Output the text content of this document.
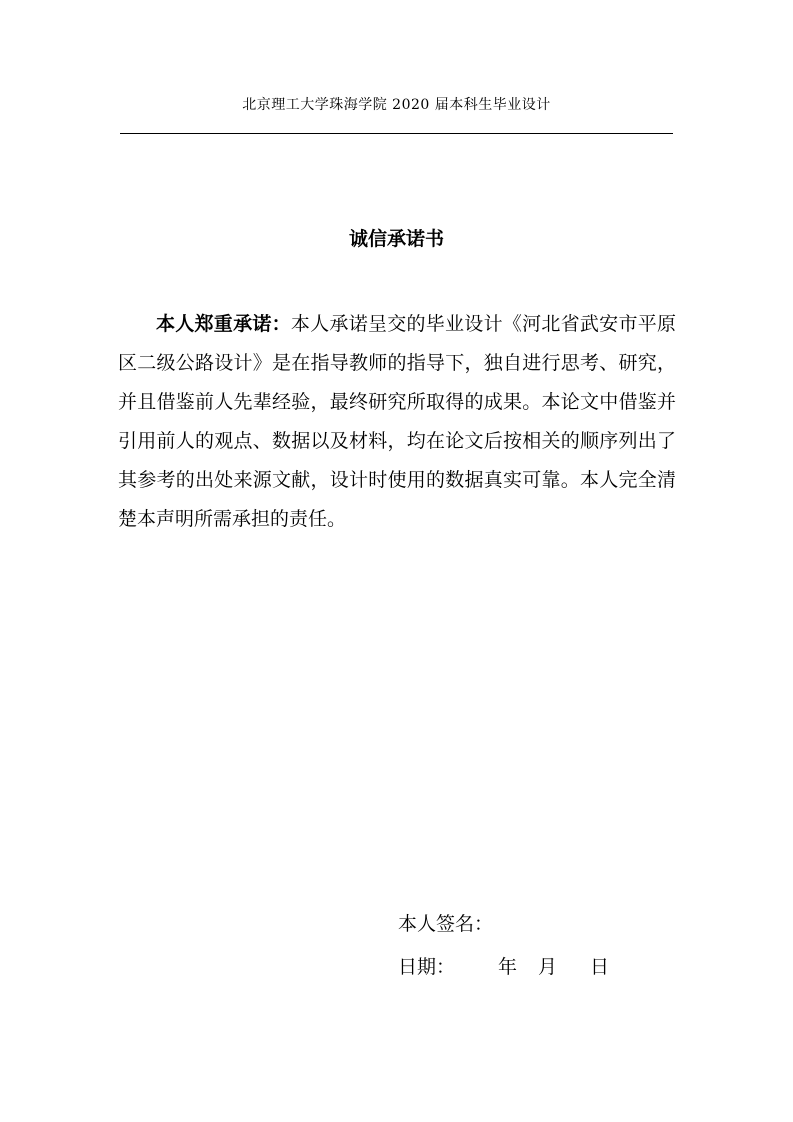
北京理工大学珠海学院 2020 届本科生毕业设计
诚信承诺书

本人郑重承诺：本人承诺呈交的毕业设计《河北省武安市平原区二级公路设计》是在指导教师的指导下，独自进行思考、研究，并且借鉴前人先辈经验，最终研究所取得的成果。本论文中借鉴并引用前人的观点、数据以及材料，均在论文后按相关的顺序列出了其参考的出处来源文献，设计时使用的数据真实可靠。本人完全清楚本声明所需承担的责任。

本人签名：
日期： 年 月 日
